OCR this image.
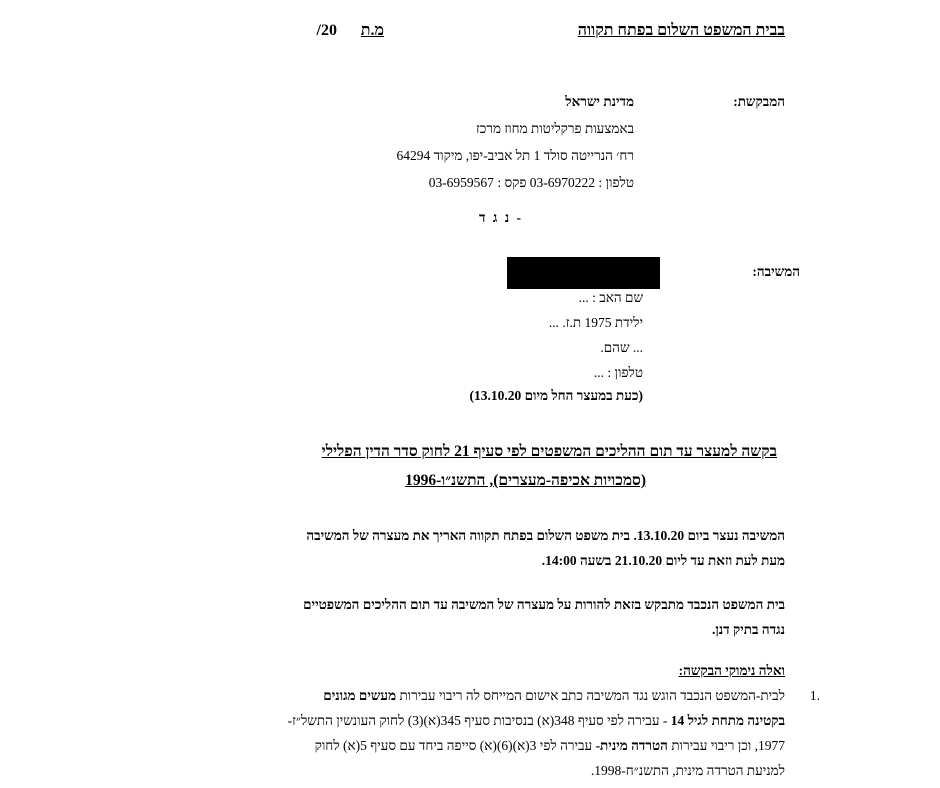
בבית המשפט השלום בפתח תקווה
מ.ת
/20
המבקשת:
מדינת ישראל
באמצעות פרקליטות מחוז מרכז
רח׳ הנרייטה סולד 1 תל אביב-יפו, מיקוד 64294
טלפון : 03-6970222 פקס : 03-6959567
- נ ג ד
המשיבה:
שם האב : ...
ילידת 1975 ת.ז. ...
... שהם.
טלפון : ...
(כעת במעצר החל מיום 13.10.20)
בקשה למעצר עד תום ההליכים המשפטים לפי סעיף 21 לחוק סדר הדין הפלילי
(סמכויות אכיפה-מעצרים), התשנ״ו-1996
המשיבה נעצר ביום 13.10.20. בית משפט השלום בפתח תקווה האריך את מעצרה של המשיבה
מעת לעת וזאת עד ליום 21.10.20 בשעה 14:00.
בית המשפט הנכבד מתבקש בזאת להורות על מעצרה של המשיבה עד תום ההליכים המשפטיים
נגדה בתיק דנן.
ואלה נימוקי הבקשה:
1.
לבית-המשפט הנכבד הוגש נגד המשיבה כתב אישום המייחס לה ריבוי עבירות מעשים מגונים
בקטינה מתחת לגיל 14 - עבירה לפי סעיף 348(א) בנסיבות סעיף 345(א)(3) לחוק העונשין התשל״ז-
1977, וכן ריבוי עבירות הטרדה מינית- עבירה לפי 3(א)(6)(א) סייפה ביחד עם סעיף 5(א) לחוק
למניעת הטרדה מינית, התשנ״ח-1998.
